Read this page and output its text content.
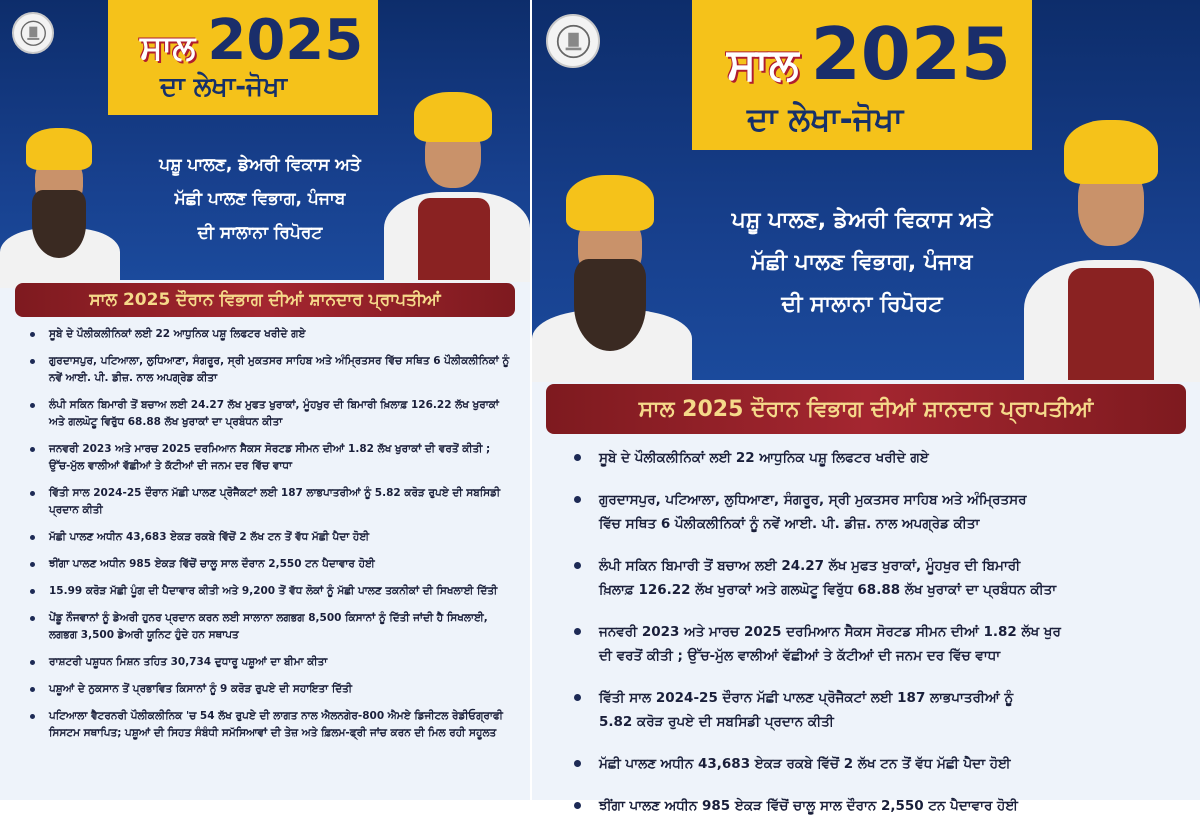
ਸਾਲ 2025
ਦਾ ਲੇਖਾ-ਜੋਖਾ
ਪਸ਼ੂ ਪਾਲਣ, ਡੇਅਰੀ ਵਿਕਾਸ ਅਤੇ
ਮੱਛੀ ਪਾਲਣ ਵਿਭਾਗ, ਪੰਜਾਬ
ਦੀ ਸਾਲਾਨਾ ਰਿਪੋਰਟ
ਸਾਲ 2025 ਦੌਰਾਨ ਵਿਭਾਗ ਦੀਆਂ ਸ਼ਾਨਦਾਰ ਪ੍ਰਾਪਤੀਆਂ
ਸੂਬੇ ਦੇ ਪੌਲੀਕਲੀਨਿਕਾਂ ਲਈ 22 ਆਧੁਨਿਕ ਪਸ਼ੂ ਲਿਫਟਰ ਖਰੀਦੇ ਗਏ
ਗੁਰਦਾਸਪੁਰ, ਪਟਿਆਲਾ, ਲੁਧਿਆਣਾ, ਸੰਗਰੂਰ, ਸ੍ਰੀ ਮੁਕਤਸਰ ਸਾਹਿਬ ਅਤੇ ਅੰਮ੍ਰਿਤਸਰ ਵਿੱਚ ਸਥਿਤ 6 ਪੌਲੀਕਲੀਨਿਕਾਂ ਨੂੰ ਨਵੇਂ ਆਈ. ਪੀ. ਡੀਜ਼. ਨਾਲ ਅਪਗ੍ਰੇਡ ਕੀਤਾ
ਲੰਪੀ ਸਕਿਨ ਬਿਮਾਰੀ ਤੋਂ ਬਚਾਅ ਲਈ 24.27 ਲੱਖ ਮੁਫਤ ਖੁਰਾਕਾਂ, ਮੂੰਹਖੁਰ ਦੀ ਬਿਮਾਰੀ ਖ਼ਿਲਾਫ਼ 126.22 ਲੱਖ ਖੁਰਾਕਾਂ ਅਤੇ ਗਲਘੋਟੂ ਵਿਰੁੱਧ 68.88 ਲੱਖ ਖੁਰਾਕਾਂ ਦਾ ਪ੍ਰਬੰਧਨ ਕੀਤਾ
ਜਨਵਰੀ 2023 ਅਤੇ ਮਾਰਚ 2025 ਦਰਮਿਆਨ ਸੈਕਸ ਸੋਰਟਡ ਸੀਮਨ ਦੀਆਂ 1.82 ਲੱਖ ਖੁਰਾਕਾਂ ਦੀ ਵਰਤੋਂ ਕੀਤੀ ; ਉੱਚ-ਮੁੱਲ ਵਾਲੀਆਂ ਵੱਛੀਆਂ ਤੇ ਕੱਟੀਆਂ ਦੀ ਜਨਮ ਦਰ ਵਿੱਚ ਵਾਧਾ
ਵਿੱਤੀ ਸਾਲ 2024-25 ਦੌਰਾਨ ਮੱਛੀ ਪਾਲਣ ਪ੍ਰੋਜੈਕਟਾਂ ਲਈ 187 ਲਾਭਪਾਤਰੀਆਂ ਨੂੰ 5.82 ਕਰੋੜ ਰੁਪਏ ਦੀ ਸਬਸਿਡੀ ਪ੍ਰਦਾਨ ਕੀਤੀ
ਮੱਛੀ ਪਾਲਣ ਅਧੀਨ 43,683 ਏਕੜ ਰਕਬੇ ਵਿੱਚੋਂ 2 ਲੱਖ ਟਨ ਤੋਂ ਵੱਧ ਮੱਛੀ ਪੈਦਾ ਹੋਈ
ਝੀਂਗਾ ਪਾਲਣ ਅਧੀਨ 985 ਏਕੜ ਵਿੱਚੋਂ ਚਾਲੂ ਸਾਲ ਦੌਰਾਨ 2,550 ਟਨ ਪੈਦਾਵਾਰ ਹੋਈ
15.99 ਕਰੋੜ ਮੱਛੀ ਪੂੰਗ ਦੀ ਪੈਦਾਵਾਰ ਕੀਤੀ ਅਤੇ 9,200 ਤੋਂ ਵੱਧ ਲੋਕਾਂ ਨੂੰ ਮੱਛੀ ਪਾਲਣ ਤਕਨੀਕਾਂ ਦੀ ਸਿਖਲਾਈ ਦਿੱਤੀ
ਪੇਂਡੂ ਨੌਜਵਾਨਾਂ ਨੂੰ ਡੇਅਰੀ ਹੁਨਰ ਪ੍ਰਦਾਨ ਕਰਨ ਲਈ ਸਾਲਾਨਾ ਲਗਭਗ 8,500 ਕਿਸਾਨਾਂ ਨੂੰ ਦਿੱਤੀ ਜਾਂਦੀ ਹੈ ਸਿਖਲਾਈ, ਲਗਭਗ 3,500 ਡੇਅਰੀ ਯੂਨਿਟ ਹੁੰਦੇ ਹਨ ਸਥਾਪਤ
ਰਾਸ਼ਟਰੀ ਪਸ਼ੂਧਨ ਮਿਸ਼ਨ ਤਹਿਤ 30,734 ਦੁਧਾਰੂ ਪਸ਼ੂਆਂ ਦਾ ਬੀਮਾ ਕੀਤਾ
ਪਸ਼ੂਆਂ ਦੇ ਨੁਕਸਾਨ ਤੋਂ ਪ੍ਰਭਾਵਿਤ ਕਿਸਾਨਾਂ ਨੂੰ 9 ਕਰੋੜ ਰੁਪਏ ਦੀ ਸਹਾਇਤਾ ਦਿੱਤੀ
ਪਟਿਆਲਾ ਵੈਟਰਨਰੀ ਪੌਲੀਕਲੀਨਿਕ 'ਚ 54 ਲੱਖ ਰੁਪਏ ਦੀ ਲਾਗਤ ਨਾਲ ਐਲਨਗੇਰ-800 ਐਮਏ ਡਿਜੀਟਲ ਰੇਡੀਓਗ੍ਰਾਫੀ ਸਿਸਟਮ ਸਥਾਪਿਤ; ਪਸ਼ੂਆਂ ਦੀ ਸਿਹਤ ਸੰਬੰਧੀ ਸਮੱਸਿਆਵਾਂ ਦੀ ਤੇਜ਼ ਅਤੇ ਫ਼ਿਲਮ-ਫ੍ਰੀ ਜਾਂਚ ਕਰਨ ਦੀ ਮਿਲ ਰਹੀ ਸਹੂਲਤ
ਸਾਲ 2025
ਦਾ ਲੇਖਾ-ਜੋਖਾ
ਪਸ਼ੂ ਪਾਲਣ, ਡੇਅਰੀ ਵਿਕਾਸ ਅਤੇ
ਮੱਛੀ ਪਾਲਣ ਵਿਭਾਗ, ਪੰਜਾਬ
ਦੀ ਸਾਲਾਨਾ ਰਿਪੋਰਟ
ਸਾਲ 2025 ਦੌਰਾਨ ਵਿਭਾਗ ਦੀਆਂ ਸ਼ਾਨਦਾਰ ਪ੍ਰਾਪਤੀਆਂ
ਸੂਬੇ ਦੇ ਪੌਲੀਕਲੀਨਿਕਾਂ ਲਈ 22 ਆਧੁਨਿਕ ਪਸ਼ੂ ਲਿਫਟਰ ਖਰੀਦੇ ਗਏ
ਗੁਰਦਾਸਪੁਰ, ਪਟਿਆਲਾ, ਲੁਧਿਆਣਾ, ਸੰਗਰੂਰ, ਸ੍ਰੀ ਮੁਕਤਸਰ ਸਾਹਿਬ ਅਤੇ ਅੰਮ੍ਰਿਤਸਰ
ਵਿੱਚ ਸਥਿਤ 6 ਪੌਲੀਕਲੀਨਿਕਾਂ ਨੂੰ ਨਵੇਂ ਆਈ. ਪੀ. ਡੀਜ਼. ਨਾਲ ਅਪਗ੍ਰੇਡ ਕੀਤਾ
ਲੰਪੀ ਸਕਿਨ ਬਿਮਾਰੀ ਤੋਂ ਬਚਾਅ ਲਈ 24.27 ਲੱਖ ਮੁਫਤ ਖੁਰਾਕਾਂ, ਮੂੰਹਖੁਰ ਦੀ ਬਿਮਾਰੀ
ਖ਼ਿਲਾਫ਼ 126.22 ਲੱਖ ਖੁਰਾਕਾਂ ਅਤੇ ਗਲਘੋਟੂ ਵਿਰੁੱਧ 68.88 ਲੱਖ ਖੁਰਾਕਾਂ ਦਾ ਪ੍ਰਬੰਧਨ ਕੀਤਾ
ਜਨਵਰੀ 2023 ਅਤੇ ਮਾਰਚ 2025 ਦਰਮਿਆਨ ਸੈਕਸ ਸੋਰਟਡ ਸੀਮਨ ਦੀਆਂ 1.82 ਲੱਖ ਖੁਰ
ਦੀ ਵਰਤੋਂ ਕੀਤੀ ; ਉੱਚ-ਮੁੱਲ ਵਾਲੀਆਂ ਵੱਛੀਆਂ ਤੇ ਕੱਟੀਆਂ ਦੀ ਜਨਮ ਦਰ ਵਿੱਚ ਵਾਧਾ
ਵਿੱਤੀ ਸਾਲ 2024-25 ਦੌਰਾਨ ਮੱਛੀ ਪਾਲਣ ਪ੍ਰੋਜੈਕਟਾਂ ਲਈ 187 ਲਾਭਪਾਤਰੀਆਂ ਨੂੰ
5.82 ਕਰੋੜ ਰੁਪਏ ਦੀ ਸਬਸਿਡੀ ਪ੍ਰਦਾਨ ਕੀਤੀ
ਮੱਛੀ ਪਾਲਣ ਅਧੀਨ 43,683 ਏਕੜ ਰਕਬੇ ਵਿੱਚੋਂ 2 ਲੱਖ ਟਨ ਤੋਂ ਵੱਧ ਮੱਛੀ ਪੈਦਾ ਹੋਈ
ਝੀਂਗਾ ਪਾਲਣ ਅਧੀਨ 985 ਏਕੜ ਵਿੱਚੋਂ ਚਾਲੂ ਸਾਲ ਦੌਰਾਨ 2,550 ਟਨ ਪੈਦਾਵਾਰ ਹੋਈ
